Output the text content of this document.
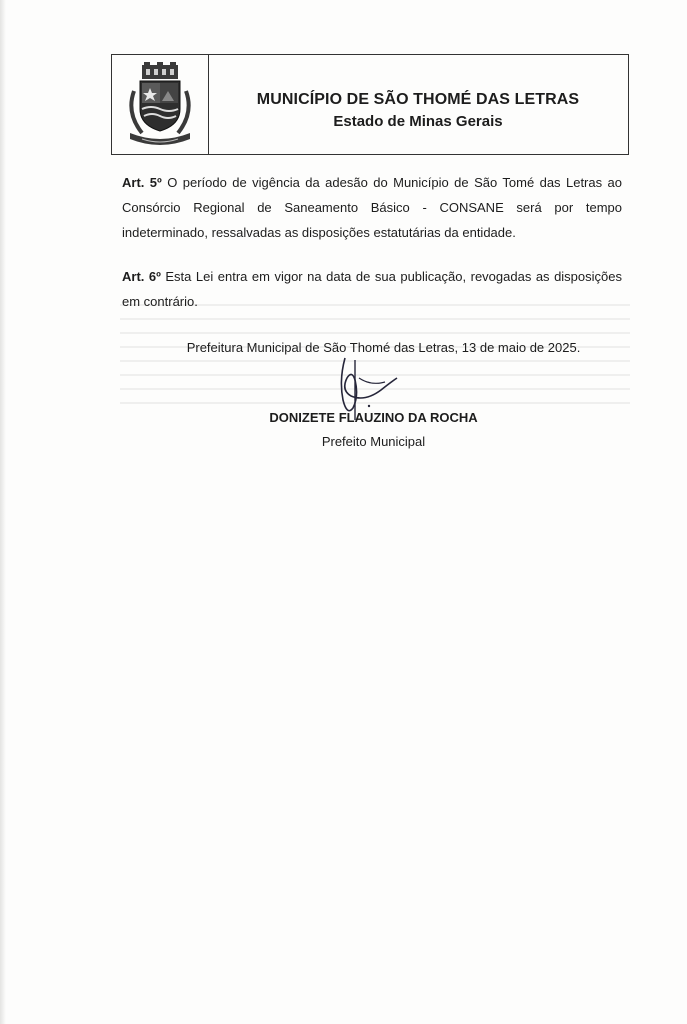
MUNICÍPIO DE SÃO THOMÉ DAS LETRAS
Estado de Minas Gerais

Art. 5º O período de vigência da adesão do Município de São Tomé das Letras ao Consórcio Regional de Saneamento Básico - CONSANE será por tempo indeterminado, ressalvadas as disposições estatutárias da entidade.

Art. 6º Esta Lei entra em vigor na data de sua publicação, revogadas as disposições em contrário.

Prefeitura Municipal de São Thomé das Letras, 13 de maio de 2025.
DONIZETE FLAUZINO DA ROCHA
Prefeito Municipal
